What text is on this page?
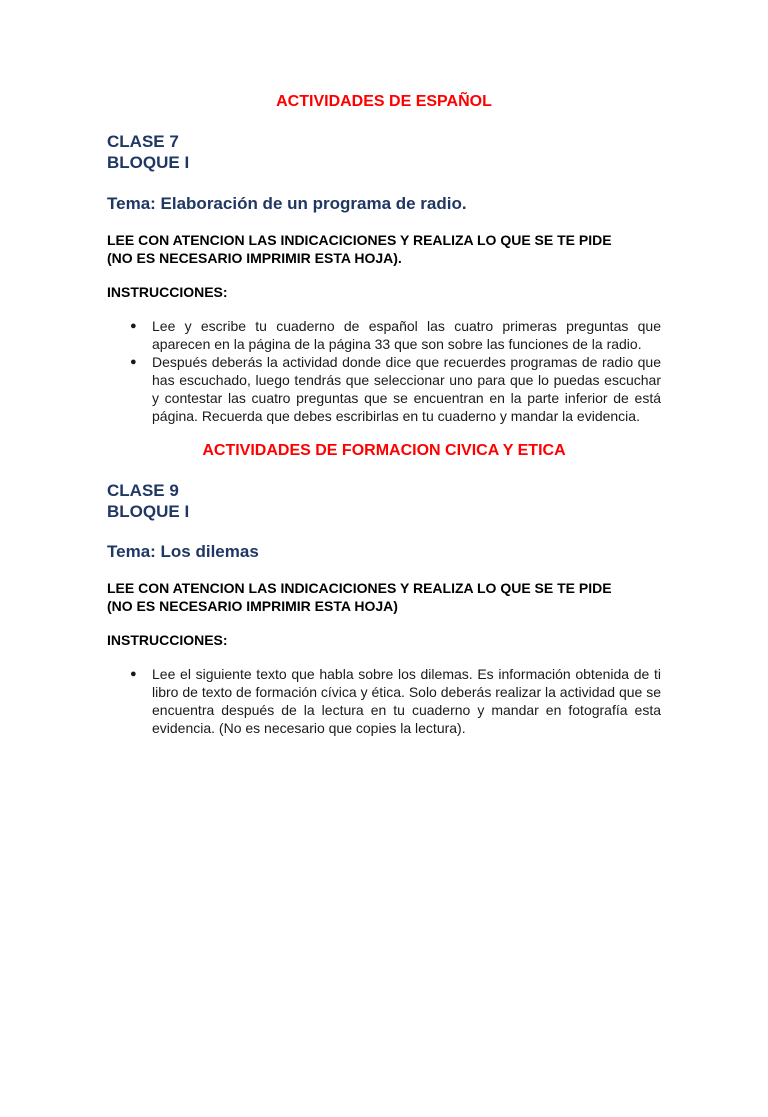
ACTIVIDADES DE ESPAÑOL

CLASE 7

BLOQUE I

Tema: Elaboración de un programa de radio.

LEE CON ATENCION LAS INDICACICIONES Y REALIZA LO QUE SE TE PIDE

(NO ES NECESARIO IMPRIMIR ESTA HOJA).

INSTRUCCIONES:

● Lee y escribe tu cuaderno de español las cuatro primeras preguntas que aparecen en la página de la página 33 que son sobre las funciones de la radio.
● Después deberás la actividad donde dice que recuerdes programas de radio que has escuchado, luego tendrás que seleccionar uno para que lo puedas escuchar y contestar las cuatro preguntas que se encuentran en la parte inferior de está página. Recuerda que debes escribirlas en tu cuaderno y mandar la evidencia.

ACTIVIDADES DE FORMACION CIVICA Y ETICA

CLASE 9

BLOQUE I

Tema: Los dilemas

LEE CON ATENCION LAS INDICACICIONES Y REALIZA LO QUE SE TE PIDE

(NO ES NECESARIO IMPRIMIR ESTA HOJA)

INSTRUCCIONES:

● Lee el siguiente texto que habla sobre los dilemas. Es información obtenida de ti libro de texto de formación cívica y ética. Solo deberás realizar la actividad que se encuentra después de la lectura en tu cuaderno y mandar en fotografía esta evidencia. (No es necesario que copies la lectura).
